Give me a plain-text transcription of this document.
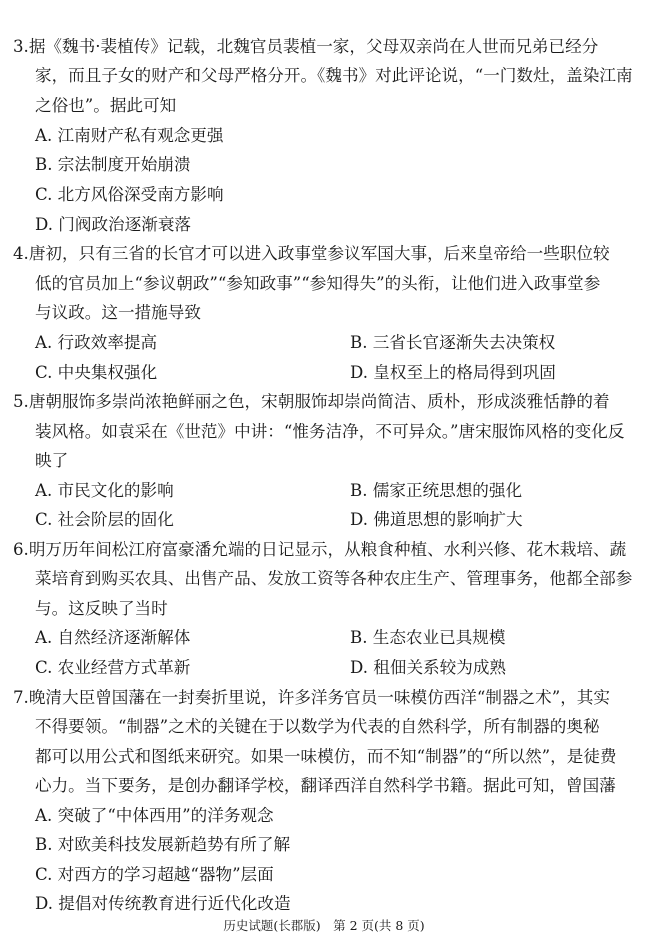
3.据《魏书·裴植传》记载，北魏官员裴植一家，父母双亲尚在人世而兄弟已经分
家，而且子女的财产和父母严格分开。《魏书》对此评论说，“一门数灶，盖染江南
之俗也”。据此可知
A. 江南财产私有观念更强
B. 宗法制度开始崩溃
C. 北方风俗深受南方影响
D. 门阀政治逐渐衰落
4.唐初，只有三省的长官才可以进入政事堂参议军国大事，后来皇帝给一些职位较
低的官员加上“参议朝政”“参知政事”“参知得失”的头衔，让他们进入政事堂参
与议政。这一措施导致
A. 行政效率提高	B. 三省长官逐渐失去决策权
C. 中央集权强化	D. 皇权至上的格局得到巩固
5.唐朝服饰多崇尚浓艳鲜丽之色，宋朝服饰却崇尚简洁、质朴，形成淡雅恬静的着
装风格。如袁采在《世范》中讲：“惟务洁净，不可异众。”唐宋服饰风格的变化反
映了
A. 市民文化的影响	B. 儒家正统思想的强化
C. 社会阶层的固化	D. 佛道思想的影响扩大
6.明万历年间松江府富豪潘允端的日记显示，从粮食种植、水利兴修、花木栽培、蔬
菜培育到购买农具、出售产品、发放工资等各种农庄生产、管理事务，他都全部参
与。这反映了当时
A. 自然经济逐渐解体	B. 生态农业已具规模
C. 农业经营方式革新	D. 租佃关系较为成熟
7.晚清大臣曾国藩在一封奏折里说，许多洋务官员一味模仿西洋“制器之术”，其实
不得要领。“制器”之术的关键在于以数学为代表的自然科学，所有制器的奥秘
都可以用公式和图纸来研究。如果一味模仿，而不知“制器”的“所以然”，是徒费
心力。当下要务，是创办翻译学校，翻译西洋自然科学书籍。据此可知，曾国藩
A. 突破了“中体西用”的洋务观念
B. 对欧美科技发展新趋势有所了解
C. 对西方的学习超越“器物”层面
D. 提倡对传统教育进行近代化改造
历史试题(长郡版)　第 2 页(共 8 页)
